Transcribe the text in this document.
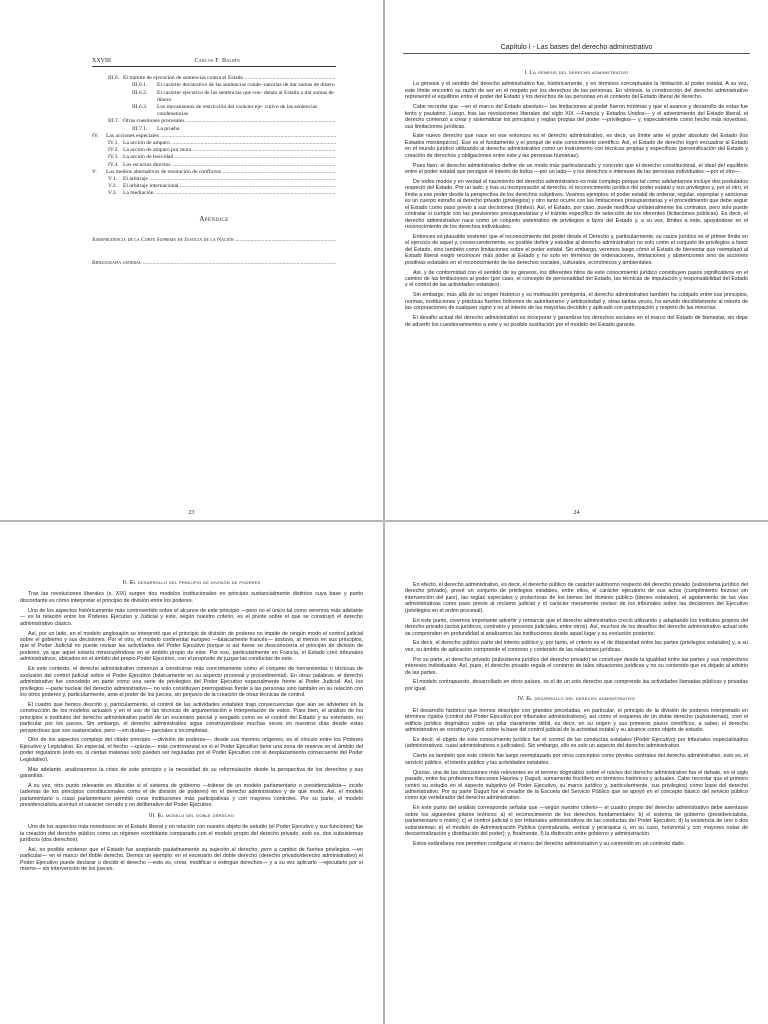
XXVIII	Carlos F. Balbín
III.6. El trámite de ejecución de sentencias contra el Estado .....
III.6.1.	El carácter declarativo de las sentencias conde- natorias de dar sumas de dinero
III.6.2.	El carácter ejecutivo de las sentencias que con- denan al Estado a dar sumas de dinero
III.6.3.	Los mecanismos de restricción del carácter eje- cutivo de las sentencias condenatorias
III.7. Otras cuestiones procesales .....
III.7.1.	La prueba
IV.	Las acciones especiales .....
IV.1. La acción de amparo .....
IV.2. La acción de amparo por mora .....
IV.3. La acción de lesividad .....
IV.4. Los recursos directos .....
V.	Los medios alternativos de resolución de conflictos .....
V.1.	El arbitraje .....
V.2.	El arbitraje internacional .....
V.3.	La mediación .....
Apéndice
Jurisprudencia de la Corte Suprema de Justicia de la Nación .....
Bibliografía general .....
23
Capítulo I - Las bases del derecho administrativo
I. La génesis del derecho administrativo

La génesis y el sentido del derecho administrativo fue, históricamente, y en términos conceptuales la limitación al poder estatal. A su vez, este límite encontró su razón de ser en el respeto por los derechos de las personas. En síntesis, la construcción del derecho administrativo representó el equilibrio entre el poder del Estado y los derechos de las personas en el contexto del Estado liberal de derecho.

Cabe recordar que —en el marco del Estado absoluto— las limitaciones al poder fueron mínimas y que el avance y desarrollo de estas fue lento y paulatino. Luego, tras las revoluciones liberales del siglo XIX —Francia y Estados Unidos— y el advenimiento del Estado liberal, el derecho comenzó a crear y sistematizar los principios y reglas propias del poder —privilegios— y, especialmente como hecho más novedoso, sus limitaciones jurídicas.

Este nuevo derecho que nace en ese entonces es el derecho administrativo, es decir, un límite ante el poder absoluto del Estado (los Estados monárquicos). Ese es el fundamento y el porqué de este conocimiento científico. Así, el Estado de derecho logró encuadrar al Estado en el mundo jurídico utilizando al derecho administrativo como un instrumento con técnicas propias y específicas (personificación del Estado y creación de derechos y obligaciones entre este y las personas humanas).

Pues bien, el derecho administrativo define de un modo más particularizado y concreto que el derecho constitucional, el ideal del equilibrio entre el poder estatal que persigue el interés de todos —por un lado— y los derechos e intereses de las personas individuales —por el otro—.

De todos modos y en verdad el nacimiento del derecho administrativo es más complejo porque tal como adelantamos incluye dos postulados respecto del Estado. Por un lado, y tras su incorporación al derecho, el reconocimiento jurídico del poder estatal y sus privilegios y, por el otro, el límite a ese poder desde la perspectiva de los derechos subjetivos. Veamos ejemplos: el poder estatal de ordenar, regular, expropiar y sancionar es un cuerpo extraño al derecho privado (privilegios) y otro tanto ocurre con las limitaciones presupuestarias y el procedimiento que debe seguir el Estado como paso previo a sus decisiones (límites). Así, el Estado, por caso, puede modificar unilateralmente los contratos, pero solo puede contratar si cumple con las previsiones presupuestarias y el trámite especifico de selección de los oferentes (licitaciones públicas). Es decir, el derecho administrativo nace como un conjunto sistemático de privilegios a favor del Estado y, a su vez, límites a este, apoyándose en el reconocimiento de los derechos individuales.

Entonces es plausible sostener que el reconocimiento del poder desde el Derecho y, particularmente, su cauce jurídico es el primer límite en el ejercicio de aquel y, consecuentemente, es posible definir y estudiar al derecho administrativo no solo como el conjunto de privilegios a favor del Estado, sino también como limitaciones sobre el poder estatal. Sin embargo, veremos luego cómo el Estado de bienestar que reemplazó al Estado liberal exigió reconocer más poder al Estado y no solo en términos de ordenaciones, limitaciones y abstenciones sino de acciones positivas estatales en el reconocimiento de los derechos sociales, culturales, económicos y ambientales.

Así, y de conformidad con el sentido de su génesis, los diferentes hitos de este conocimiento jurídico constituyen pasos significativos en el camino de las limitaciones al poder (por caso, el concepto de personalidad del Estado, las técnicas de imputación y responsabilidad del Estado y el control de las actividades estatales).

Sin embargo, más allá de su origen histórico y su motivación primigenia, el derecho administrativo también ha cobijado entre sus principios, normas, instituciones y prácticas fuertes bolsones de autoritarismo y arbitrariedad y, otras tantas veces, ha servido decididamente al interés de las corporaciones de cualquier signo y no al interés de las mayorías decidido y aplicado con participación y respeto de las minorías.

El desafío actual del derecho administrativo es incorporar y garantizar los derechos sociales en el marco del Estado de bienestar, sin dejar de advertir los cuestionamientos a este y su posible sustitución por el modelo del Estado garante.

24
II. El desarrollo del principio de división de poderes

Tras las revoluciones liberales (s. XIX) surgen dos modelos institucionales en principio sustancialmente distintos cuya base y punto discordante es cómo interpretar el principio de división entre los poderes.

Uno de los aspectos históricamente más controvertido sobre el alcance de este principio —pero no el único tal como veremos más adelante— es la relación entre los Poderes Ejecutivo y Judicial y este, según nuestro criterio, es el pivote sobre el que se construyó el derecho administrativo clásico.

Así, por un lado, en el modelo anglosajón se interpretó que el principio de división de poderes no impide de ningún modo el control judicial sobre el gobierno y sus decisiones. Por el otro, el modelo continental europeo —básicamente francés— sostuvo, al menos en sus principios, que el Poder Judicial no puede revisar las actividades del Poder Ejecutivo porque si así fuese se desconocería el principio de división de poderes, ya que aquel estaría inmiscuyéndose en el ámbito propio de este. Por eso, particularmente en Francia, el Estado creó tribunales administrativos, ubicados en el ámbito del propio Poder Ejecutivo, con el propósito de juzgar las conductas de este.

En este contexto, el derecho administrativo comenzó a construirse más concretamente como el conjunto de herramientas o técnicas de exclusión del control judicial sobre el Poder Ejecutivo (básicamente en su aspecto procesal y procedimental). En otras palabras, el derecho administrativo fue concebido en parte como una serie de privilegios del Poder Ejecutivo especialmente frente al Poder Judicial. Así, los privilegios —parte nuclear del derecho administrativo— no solo constituyen prerrogativas frente a las personas sino también en su relación con los otros poderes y, particularmente, ante el poder de los jueces, sin perjuicio de la creación de otras técnicas de control.

El cuadro que hemos descrito y, particularmente, el control de las actividades estatales trajo consecuencias que aún se advierten en la construcción de los modelos actuales y en el uso de las técnicas de argumentación e interpretación de estos. Pues bien, el análisis de los principios e institutos del derecho administrativo partió de un escenario parcial y sesgado como es el control del Estado y su extensión, en particular por los jueces. Sin embargo, el derecho administrativo sigue construyéndose muchas veces en nuestros días desde estas perspectivas que son sustanciales, pero —sin dudas— parciales e incompletas.

Otro de los aspectos complejo del citado principio —división de poderes—, desde sus mismos orígenes, es el vínculo entre los Poderes Ejecutivo y Legislativo. En especial, el hecho —quizás— más controversial es si el Poder Ejecutivo tiene una zona de reserva en el ámbito del poder regulatorio (esto es, si ciertas materias solo pueden ser reguladas por el Poder Ejecutivo con el desplazamiento consecuente del Poder Legislativo).

Más adelante, analizaremos la crisis de este principio y la necesidad de su reformulación desde la perspectiva de los derechos y sus garantías.

A su vez, otro punto relevante es dilucidar si el sistema de gobierno —trátese de un modelo parlamentario o presidencialista— incide (además de los principios constitucionales como el de división de poderes) en el derecho administrativo y de qué modo. Así, el modelo parlamentario o cuasi parlamentario permitió crear instituciones más participativas y con mayores controles. Por su parte, el modelo presidencialista acentuó el carácter cerrado y no deliberativo del Poder Ejecutivo.

III. El modelo del doble derecho

Uno de los aspectos más novedosos en el Estado liberal y en relación con nuestro objeto de estudio (el Poder Ejecutivo y sus funciones) fue la creación del derecho público como un régimen exorbitante comparado con el modelo propio del derecho privado, esto es, dos subsistemas jurídicos (dos derechos).

Así, es posible sostener que el Estado fue aceptando paulatinamente su sujeción al derecho, pero a cambio de fuertes privilegios —en particular— en el marco del doble derecho. Demos un ejemplo: en el escenario del doble derecho (derecho privado/derecho administrativo) el Poder Ejecutivo puede declarar o decidir el derecho —esto es, crear, modificar o extinguir derechos— y a su vez aplicarlo —ejecutarlo por sí mismo— sin intervención de los jueces.

En efecto, el derecho administrativo, es decir, el derecho público de carácter autónomo respecto del derecho privado (subsistema jurídico del derecho privado), prevé un conjunto de privilegios estatales, entre ellos, el carácter ejecutorio de sus actos (cumplimiento forzoso sin intervención del juez), las reglas especiales y protectoras de los bienes del dominio público (bienes estatales), el agotamiento de las vías administrativas como paso previo al reclamo judicial y el carácter meramente revisor de los tribunales sobre las decisiones del Ejecutivo (privilegios en el orden procesal).

En este punto, creemos importante advertir y remarcar que el derecho administrativo creció utilizando y adaptando los institutos propios del derecho privado (actos jurídicos, contratos y procesos judiciales, entre otros). Así, muchos de los desafíos del derecho administrativo actual solo se comprenden en profundidad si analizamos las instituciones desde aquel lugar y su evolución posterior.

Es decir, el derecho público parte del interés público y, por tanto, el criterio es el de disparidad entre las partes (privilegios estatales) y, a su vez, su ámbito de aplicación comprende el contorno y contenido de las relaciones jurídicas.

Por su parte, el derecho privado (subsistema jurídico del derecho privado) se construye desde la igualdad entre las partes y sus respectivos intereses individuales. Así, pues, el derecho privado regula el contorno de tales situaciones jurídicas y no su contenido que es dejado al arbitrio de las partes.

El modelo contrapuesto, desarrollado en otros países, es el de un solo derecho que comprende las actividades llamadas públicas y privadas por igual.

IV. El desarrollo del derecho administrativo

El desarrollo histórico que hemos descripto con grandes pinceladas, en particular, el principio de la división de poderes interpretado en términos rígidos (control del Poder Ejecutivo por tribunales administrativos), así como el esquema de un doble derecho (subsistemas), creó el edificio jurídico dogmático sobre un pilar claramente débil, es decir, en su origen y sus primeros pasos científicos, a saber, el derecho administrativo se construyó y giró sobre la base del control judicial de la actividad estatal y su alcance como objeto de estudio.

Es decir, el objeto de este conocimiento jurídico fue el control de las conductas estatales (Poder Ejecutivo) por tribunales especializados (administrativos, cuasi administrativos o judiciales). Sin embargo, ello es solo un aspecto del derecho administrativo.

Cierto es también que este criterio fue luego reemplazado por otros conceptos como pivotes centrales del derecho administrativo, esto es, el servicio público, el interés público y las actividades estatales.

Quizás, una de las discusiones más relevantes en el terreno dogmático sobre el núcleo del derecho administrativo fue el debate, en el siglo pasado, entre los profesores franceses Hauriou y Duguit, sumamente fructífero en términos históricos y actuales. Cabe recordar que el primero centró su estudio en el aspecto subjetivo (el Poder Ejecutivo, su marco jurídico y, particularmente, sus privilegios) como base del derecho administrativo. Por su parte Duguit fue el creador de la Escuela del Servicio Público que se apoyó en el concepto básico del servicio público como eje vertebrador del derecho administrativo.

En este punto del análisis corresponde señalar que —según nuestro criterio— el cuadro propio del derecho administrativo debe asentarse sobre los siguientes pilares teóricos: a) el reconocimiento de los derechos fundamentales; b) el sistema de gobierno (presidencialista, parlamentario o mixto); c) el control judicial o por tribunales administrativos de las conductas del Poder Ejecutivo; d) la existencia de uno o dos subsistemas; e) el modelo de Administración Pública (centralizada, vertical y jerárquica o, en su caso, horizontal y con mayores notas de descentralización y distribución del poder); y, finalmente, f) la distinción entre gobierno y administración.

Estos estándares nos permiten configurar el marco del derecho administrativo y su contenido en un contexto dado.
